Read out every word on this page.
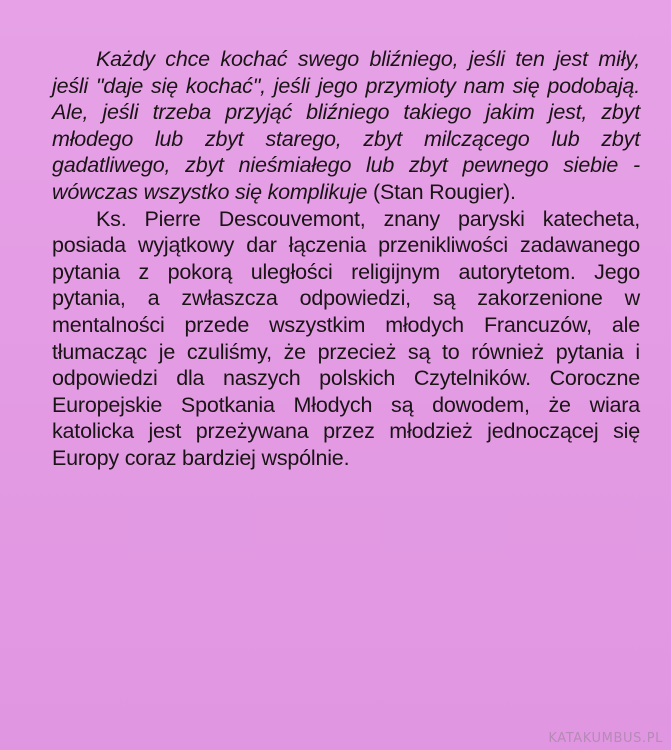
Każdy chce kochać swego bliźniego, jeśli ten jest miły, jeśli "daje się kochać", jeśli jego przymioty nam się podobają. Ale, jeśli trzeba przyjąć bliźniego takiego jakim jest, zbyt młodego lub zbyt starego, zbyt milczącego lub zbyt gadatliwego, zbyt nieśmiałego lub zbyt pewnego siebie - wówczas wszystko się komplikuje (Stan Rougier).

Ks. Pierre Descouvemont, znany paryski katecheta, posiada wyjątkowy dar łączenia przenikliwości zadawanego pytania z pokorą uległości religijnym autorytetom. Jego pytania, a zwłaszcza odpowiedzi, są zakorzenione w mentalności przede wszystkim młodych Francuzów, ale tłumacząc je czuliśmy, że przecież są to również pytania i odpowiedzi dla naszych polskich Czytelników. Coroczne Europejskie Spotkania Młodych są dowodem, że wiara katolicka jest przeżywana przez młodzież jednoczącej się Europy coraz bardziej wspólnie.

KATAKUMBUS.PL
